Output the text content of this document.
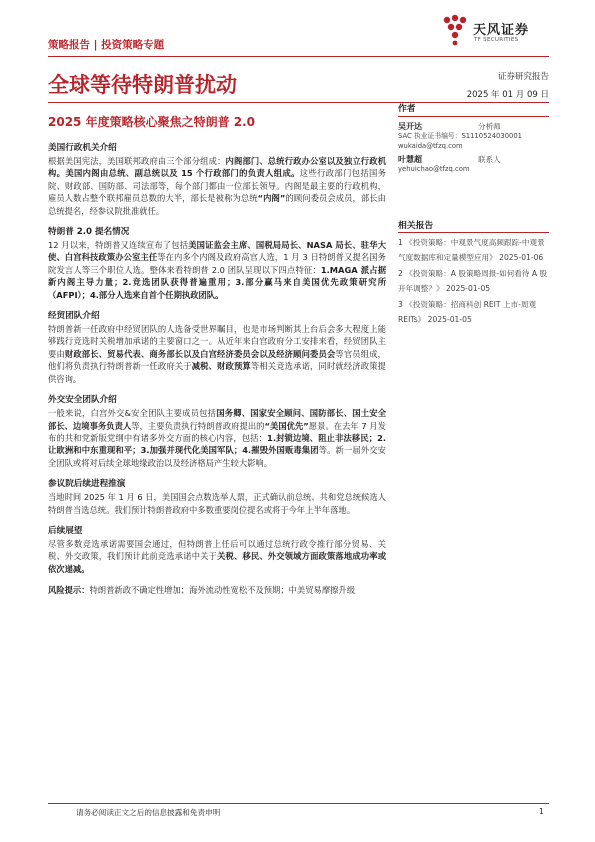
天风证券
TF SECURITIES
策略报告 | 投资策略专题
全球等待特朗普扰动	证券研究报告
2025 年 01 月 09 日
2025 年度策略核心聚焦之特朗普 2.0
美国行政机关介绍

根据美国宪法，美国联邦政府由三个部分组成：内阁部门、总统行政办公室以及独立行政机构。美国内阁由总统、副总统以及 15 个行政部门的负责人组成。这些行政部门包括国务院、财政部、国防部、司法部等，每个部门都由一位部长领导。内阁是最主要的行政机构，雇员人数占整个联邦雇员总数的大半，部长是被称为总统“内阁”的顾问委员会成员，部长由总统提名，经参议院批准就任。

特朗普 2.0 提名情况

12 月以来，特朗普又连续宣布了包括美国证监会主席、国税局局长、NASA 局长、驻华大使、白宫科技政策办公室主任等在内多个内阁及政府高官人选，1 月 3 日特朗普又提名国务院发言人等三个职位人选。整体来看特朗普 2.0 团队呈现以下四点特征：1.MAGA 派占据新内阁主导力量；2.竞选团队获得普遍重用；3.部分赢马来自美国优先政策研究所（AFPI）；4.部分人选来自首个任期执政团队。

经贸团队介绍

特朗普新一任政府中经贸团队的人选备受世界瞩目，也是市场判断其上台后会多大程度上能够践行竞选时关税增加承诺的主要窗口之一。从近年来白宫政府分工安排来看，经贸团队主要由财政部长、贸易代表、商务部长以及白宫经济委员会以及经济顾问委员会等官员组成，他们将负责执行特朗普新一任政府关于减税、财政预算等相关竞选承诺，同时就经济政策提供咨询。

外交安全团队介绍

一般来说，白宫外交&安全团队主要成员包括国务卿、国家安全顾问、国防部长、国土安全部长、边境事务负责人等，主要负责执行特朗普政府提出的“美国优先”愿景。在去年 7 月发布的共和党新版党纲中有诸多外交方面的核心内容，包括：1.封锁边境、阻止非法移民；2. 让欧洲和中东重现和平；3.加强并现代化美国军队；4.摧毁外国贩毒集团等。新一届外交安全团队或将对后续全球地缘政治以及经济格局产生较大影响。

参议院后续进程推演

当地时间 2025 年 1 月 6 日，美国国会点数选举人票，正式确认前总统、共和党总统候选人特朗普当选总统。我们预计特朗普政府中多数重要岗位提名或将于今年上半年落地。

后续展望

尽管多数竞选承诺需要国会通过，但特朗普上任后可以通过总统行政令推行部分贸易、关税、外交政策，我们预计此前竞选承诺中关于关税、移民、外交领域方面政策落地成功率或依次递减。

风险提示：特朗普新政不确定性增加；海外流动性宽松不及预期；中美贸易摩擦升级

作者
吴开达	分析师
SAC 执业证书编号：S1110524030001
wukaida@tfzq.com
叶慧超	联系人
yehuichao@tfzq.com
相关报告
1 《投资策略：中观景气度高频跟踪-中观景气度数据库和定量模型应用》 2025-01-06
2 《投资策略：A 股策略周报-如何看待 A 股开年调整？》 2025-01-05
3 《投资策略：招商科创 REIT 上市-周观 REITs》 2025-01-05
请务必阅读正文之后的信息披露和免责申明	1
